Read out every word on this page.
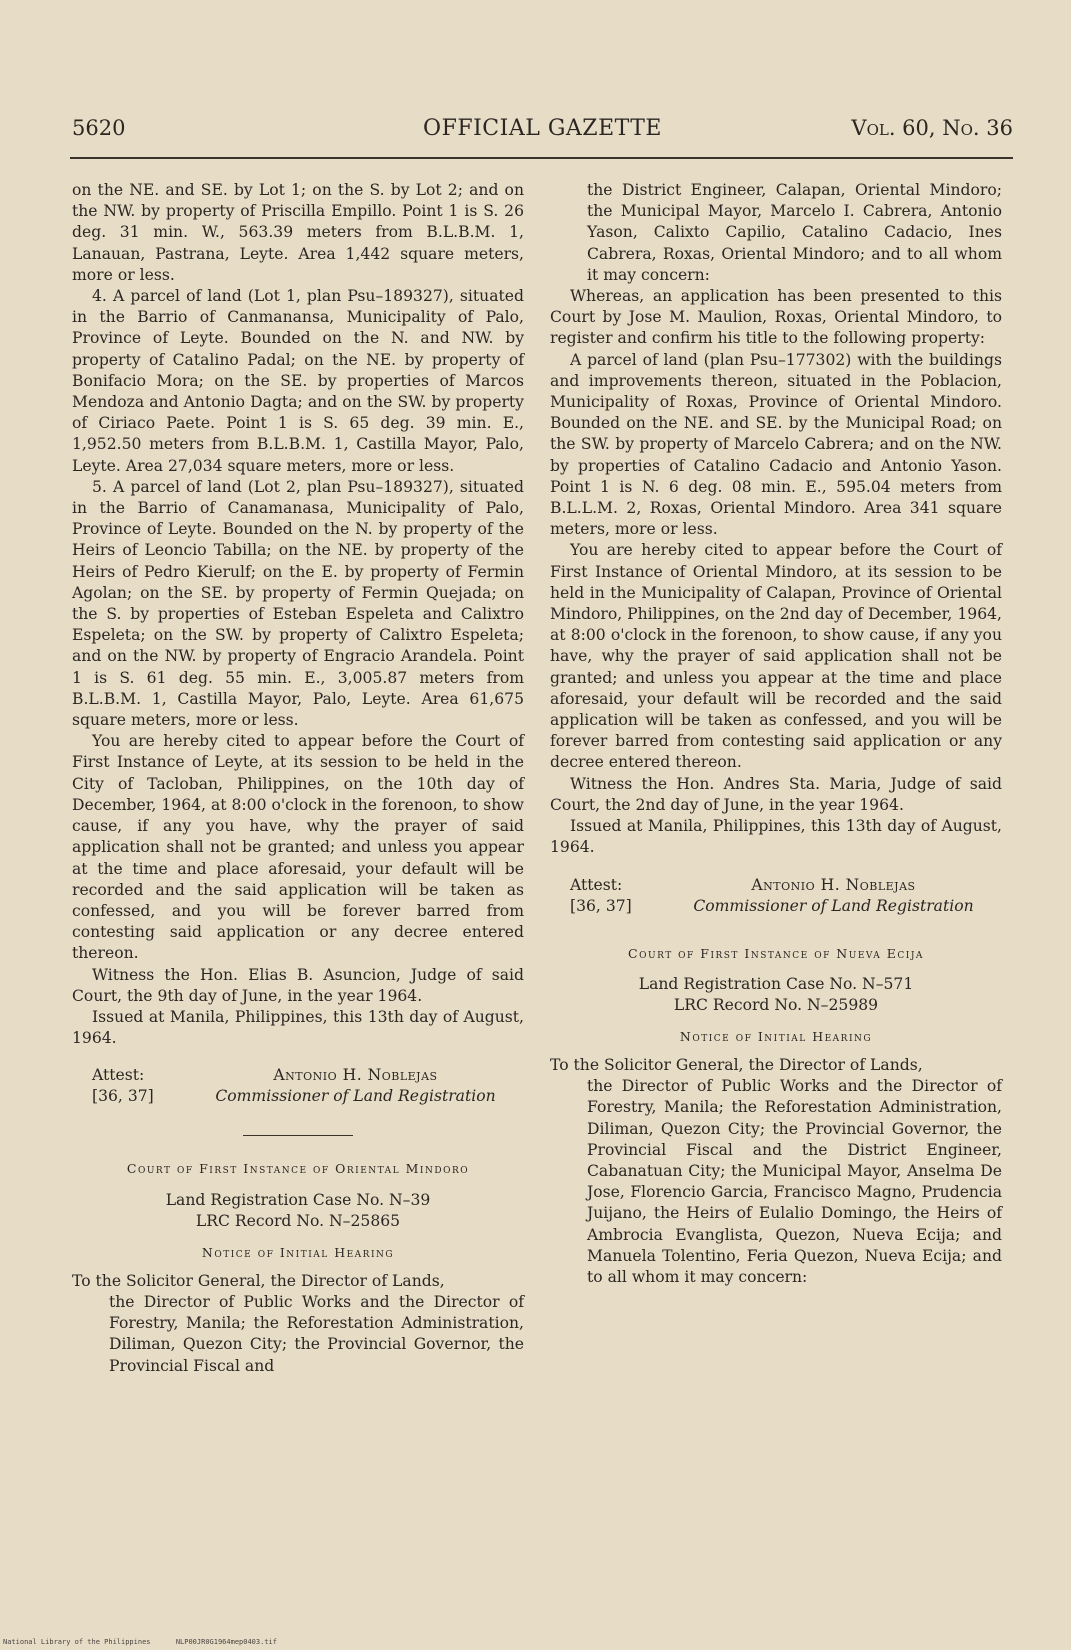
5620	OFFICIAL GAZETTE	Vol. 60, No. 36

on the NE. and SE. by Lot 1; on the S. by Lot 2; and on the NW. by property of Priscilla Empillo. Point 1 is S. 26 deg. 31 min. W., 563.39 meters from B.L.B.M. 1, Lanauan, Pastrana, Leyte. Area 1,442 square meters, more or less.

4. A parcel of land (Lot 1, plan Psu–189327), situated in the Barrio of Canmanansa, Municipality of Palo, Province of Leyte. Bounded on the N. and NW. by property of Catalino Padal; on the NE. by property of Bonifacio Mora; on the SE. by properties of Marcos Mendoza and Antonio Dagta; and on the SW. by property of Ciriaco Paete. Point 1 is S. 65 deg. 39 min. E., 1,952.50 meters from B.L.B.M. 1, Castilla Mayor, Palo, Leyte. Area 27,034 square meters, more or less.

5. A parcel of land (Lot 2, plan Psu–189327), situated in the Barrio of Canamanasa, Municipality of Palo, Province of Leyte. Bounded on the N. by property of the Heirs of Leoncio Tabilla; on the NE. by property of the Heirs of Pedro Kierulf; on the E. by property of Fermin Agolan; on the SE. by property of Fermin Quejada; on the S. by properties of Esteban Espeleta and Calixtro Espeleta; on the SW. by property of Calixtro Espeleta; and on the NW. by property of Engracio Arandela. Point 1 is S. 61 deg. 55 min. E., 3,005.87 meters from B.L.B.M. 1, Castilla Mayor, Palo, Leyte. Area 61,675 square meters, more or less.

You are hereby cited to appear before the Court of First Instance of Leyte, at its session to be held in the City of Tacloban, Philippines, on the 10th day of December, 1964, at 8:00 o'clock in the forenoon, to show cause, if any you have, why the prayer of said application shall not be granted; and unless you appear at the time and place aforesaid, your default will be recorded and the said application will be taken as confessed, and you will be forever barred from contesting said application or any decree entered thereon.

Witness the Hon. Elias B. Asuncion, Judge of said Court, the 9th day of June, in the year 1964.

Issued at Manila, Philippines, this 13th day of August, 1964.

Attest:
[36, 37]
Antonio H. Noblejas
Commissioner of Land Registration
Court of First Instance of Oriental Mindoro

Land Registration Case No. N–39

LRC Record No. N–25865

Notice of Initial Hearing

To the Solicitor General, the Director of Lands,

the Director of Public Works and the Director of Forestry, Manila; the Reforestation Administration, Diliman, Quezon City; the Provincial Governor, the Provincial Fiscal and

the District Engineer, Calapan, Oriental Mindoro; the Municipal Mayor, Marcelo I. Cabrera, Antonio Yason, Calixto Capilio, Catalino Cadacio, Ines Cabrera, Roxas, Oriental Mindoro; and to all whom it may concern:

Whereas, an application has been presented to this Court by Jose M. Maulion, Roxas, Oriental Mindoro, to register and confirm his title to the following property:

A parcel of land (plan Psu–177302) with the buildings and improvements thereon, situated in the Poblacion, Municipality of Roxas, Province of Oriental Mindoro. Bounded on the NE. and SE. by the Municipal Road; on the SW. by property of Marcelo Cabrera; and on the NW. by properties of Catalino Cadacio and Antonio Yason. Point 1 is N. 6 deg. 08 min. E., 595.04 meters from B.L.L.M. 2, Roxas, Oriental Mindoro. Area 341 square meters, more or less.

You are hereby cited to appear before the Court of First Instance of Oriental Mindoro, at its session to be held in the Municipality of Calapan, Province of Oriental Mindoro, Philippines, on the 2nd day of December, 1964, at 8:00 o'clock in the forenoon, to show cause, if any you have, why the prayer of said application shall not be granted; and unless you appear at the time and place aforesaid, your default will be recorded and the said application will be taken as confessed, and you will be forever barred from contesting said application or any decree entered thereon.

Witness the Hon. Andres Sta. Maria, Judge of said Court, the 2nd day of June, in the year 1964.

Issued at Manila, Philippines, this 13th day of August, 1964.

Attest:
[36, 37]
Antonio H. Noblejas
Commissioner of Land Registration
Court of First Instance of Nueva Ecija

Land Registration Case No. N–571

LRC Record No. N–25989

Notice of Initial Hearing

To the Solicitor General, the Director of Lands,

the Director of Public Works and the Director of Forestry, Manila; the Reforestation Administration, Diliman, Quezon City; the Provincial Governor, the Provincial Fiscal and the District Engineer, Cabanatuan City; the Municipal Mayor, Anselma De Jose, Florencio Garcia, Francisco Magno, Prudencia Juijano, the Heirs of Eulalio Domingo, the Heirs of Ambrocia Evanglista, Quezon, Nueva Ecija; and Manuela Tolentino, Feria Quezon, Nueva Ecija; and to all whom it may concern:

National Library of the Philippines	NLP00JR0G1964mep0403.tif
